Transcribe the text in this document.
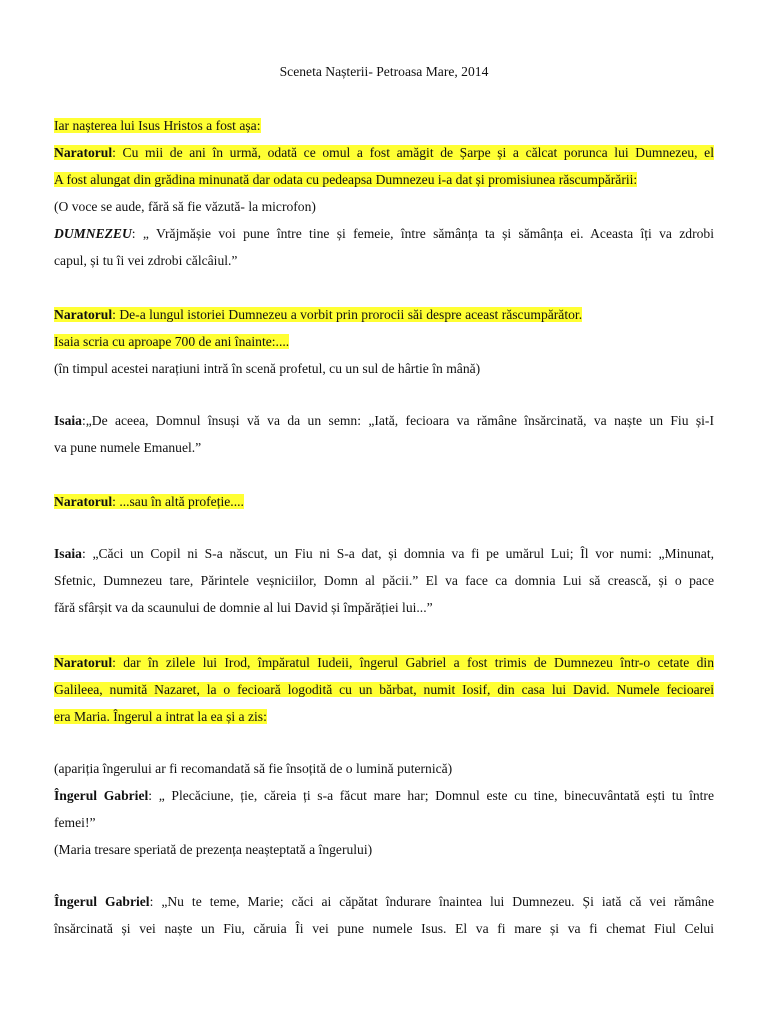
Sceneta Nașterii- Petroasa Mare, 2014
Iar nașterea lui Isus Hristos a fost așa:
Naratorul: Cu mii de ani în urmă, odată ce omul a fost amăgit de Șarpe și a călcat porunca lui Dumnezeu, el
A fost alungat din grădina minunată dar odata cu pedeapsa Dumnezeu i-a dat și promisiunea răscumpărării:
(O voce se aude, fără să fie văzută- la microfon)
DUMNEZEU: „ Vrăjmășie voi pune între tine și femeie, între sămânța ta și sămânța ei. Aceasta îți va zdrobi
capul, și tu îi vei zdrobi călcâiul.”
Naratorul: De-a lungul istoriei Dumnezeu a vorbit prin prorocii săi despre aceast răscumpărător.
Isaia scria cu aproape 700 de ani înainte:....
(în timpul acestei narațiuni intră în scenă profetul, cu un sul de hârtie în mână)
Isaia:„De aceea, Domnul însuși vă va da un semn: „Iată, fecioara va rămâne însărcinată, va naște un Fiu și-I
va pune numele Emanuel.”
Naratorul: ...sau în altă profeție....
Isaia: „Căci un Copil ni S-a născut, un Fiu ni S-a dat, și domnia va fi pe umărul Lui; Îl vor numi: „Minunat,
Sfetnic, Dumnezeu tare, Părintele veșniciilor, Domn al păcii.” El va face ca domnia Lui să crească, și o pace
fără sfârșit va da scaunului de domnie al lui David și împărăției lui...”
Naratorul: dar în zilele lui Irod, împăratul Iudeii, îngerul Gabriel a fost trimis de Dumnezeu într-o cetate din
Galileea, numită Nazaret, la o fecioară logodită cu un bărbat, numit Iosif, din casa lui David. Numele fecioarei
era Maria. Îngerul a intrat la ea și a zis:
(apariția îngerului ar fi recomandată să fie însoțită de o lumină puternică)
Îngerul Gabriel: „ Plecăciune, ție, căreia ți s-a făcut mare har; Domnul este cu tine, binecuvântată ești tu între
femei!”
(Maria tresare speriată de prezența neașteptată a îngerului)
Îngerul Gabriel: „Nu te teme, Marie; căci ai căpătat îndurare înaintea lui Dumnezeu. Și iată că vei rămâne
însărcinată și vei naște un Fiu, căruia Îi vei pune numele Isus. El va fi mare și va fi chemat Fiul Celui
